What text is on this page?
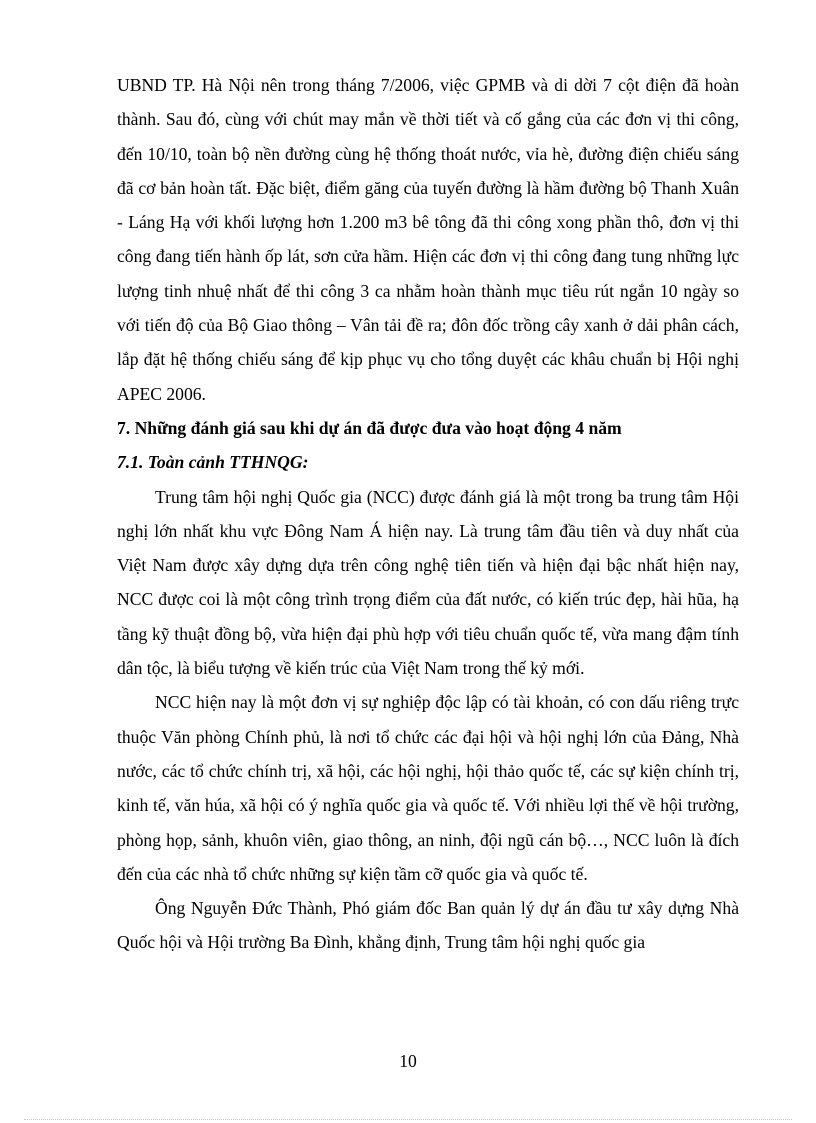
UBND TP. Hà Nội nên trong tháng 7/2006, việc GPMB và di dời 7 cột điện đã hoàn thành. Sau đó, cùng với chút may mắn về thời tiết và cố gắng của các đơn vị thi công, đến 10/10, toàn bộ nền đường cùng hệ thống thoát nước, vỉa hè, đường điện chiếu sáng đã cơ bản hoàn tất. Đặc biệt, điểm găng của tuyến đường là hầm đường bộ Thanh Xuân - Láng Hạ với khối lượng hơn 1.200 m3 bê tông đã thi công xong phần thô, đơn vị thi công đang tiến hành ốp lát, sơn cửa hầm. Hiện các đơn vị thi công đang tung những lực lượng tinh nhuệ nhất để thi công 3 ca nhằm hoàn thành mục tiêu rút ngắn 10 ngày so với tiến độ của Bộ Giao thông – Vân tải đề ra; đôn đốc trồng cây xanh ở dải phân cách, lắp đặt hệ thống chiếu sáng để kịp phục vụ cho tổng duyệt các khâu chuẩn bị Hội nghị APEC 2006.

7. Những đánh giá sau khi dự án đã được đưa vào hoạt động 4 năm

7.1. Toàn cảnh TTHNQG:

Trung tâm hội nghị Quốc gia (NCC) được đánh giá là một trong ba trung tâm Hội nghị lớn nhất khu vực Đông Nam Á hiện nay. Là trung tâm đầu tiên và duy nhất của Việt Nam được xây dựng dựa trên công nghệ tiên tiến và hiện đại bậc nhất hiện nay, NCC được coi là một công trình trọng điểm của đất nước, có kiến trúc đẹp, hài hũa, hạ tầng kỹ thuật đồng bộ, vừa hiện đại phù hợp với tiêu chuẩn quốc tế, vừa mang đậm tính dân tộc, là biểu tượng về kiến trúc của Việt Nam trong thế kỷ mới.

NCC hiện nay là một đơn vị sự nghiệp độc lập có tài khoản, có con dấu riêng trực thuộc Văn phòng Chính phủ, là nơi tổ chức các đại hội và hội nghị lớn của Đảng, Nhà nước, các tổ chức chính trị, xã hội, các hội nghị, hội thảo quốc tế, các sự kiện chính trị, kinh tế, văn húa, xã hội có ý nghĩa quốc gia và quốc tế. Với nhiều lợi thế về hội trường, phòng họp, sảnh, khuôn viên, giao thông, an ninh, đội ngũ cán bộ…, NCC luôn là đích đến của các nhà tổ chức những sự kiện tầm cỡ quốc gia và quốc tế.

Ông Nguyễn Đức Thành, Phó giám đốc Ban quản lý dự án đầu tư xây dựng Nhà Quốc hội và Hội trường Ba Đình, khẳng định, Trung tâm hội nghị quốc gia

10
